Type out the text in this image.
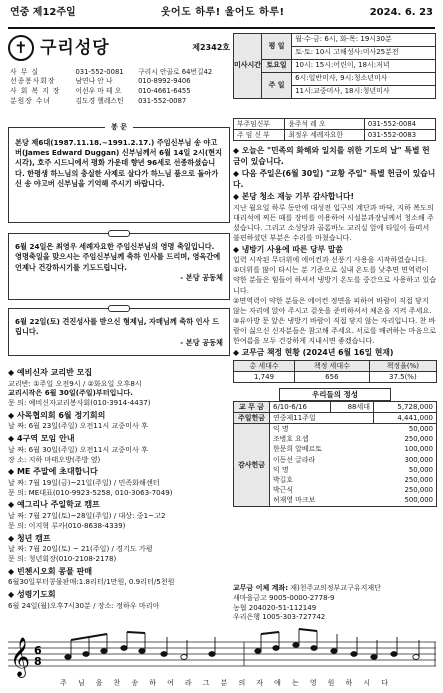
연중 제12주일	웃어도 하루! 울어도 하루!	2024. 6. 23
✝ 구리성당	제2342호
사 무 실	031-552-0081	구리시 안골로 64번길42
선종봉사회장	남연나 안 나	010-8992-9406
사 회 복 지 장	이선우 마 테 오	010-4661-6455
분원장 수녀	김도경 헬레스틴	031-552-0087
미사시간	평 일	월·수·금: 6시, 화·목: 19시30분
		토·토: 10시 고해성사:미사25분전
	토요일	10시: 15시:어린이, 18시:저녁
	주 일	6시:일반미사, 9시:청소년미사
		11시:교중미사, 18시:청년미사
부주임신부	윤주석 레 오	031-552-0084
주 임 신 부	최정우 세례자요한	031-552-0083
봉 문

본당 제6대(1987.11.18.~1991.2.17.) 주임신부님 송 야고버(James Edward Duggan) 신부님께서 6월 14일 2시(현지 시각), 호주 시드니에서 평화 가운데 향년 96세로 선종하셨습니다. 한평생 하느님의 충실한 사제로 살다가 하느님 품으로 돌아가신 송 야고버 신부님을 기억해 주시기 바랍니다.

6월 24일은 최영우 세례자요한 주임신부님의 영명 축일입니다. 영명축일을 맞으시는 주임신부님께 축하 인사를 드리며, 영육간에 언제나 건강하시기를 기도드립니다.

- 본당 공동체

6월 22일(토) 견진성사를 받으신 형제님, 자매님께 축하 인사 드립니다.

- 본당 공동체
◆ 예비신자 교리반 모집
교리반: ①주일 오전9시 / ②화요일 오후8시
교리시작은 6월 30일(주일)부터입니다.
문 의: 예비신자교리봉사회(010-3914-4437)
◆ 사목협의회 6월 정기회의
날 짜: 6월 23일(주일) 오전11시 교중미사 후
◆ 4구역 모임 안내
날 짜: 6월 30일(주일) 오전11시 교중미사 후
장 소: 지하 마태오방(주방 옆)
◆ ME 주말에 초대합니다
날 짜: 7월 19일(금)~21일(주일) / 민족화해센터
문 의: ME대표(010-9923-5258, 010-3063-7049)
◆ 예그리나 주일학교 캠프
날 짜: 7월 27일(토)~28일(주일) / 대상: 중1~고2
문 의: 이지혁 루카(010-8638-4339)
◆ 청년 캠프
날 짜: 7월 20일(토) ~ 21(주일) / 경기도 가평
문 의: 청년회장(010-2108-2178)
◆ 빈첸시오회 콩물 판매
6월30일부터콩물판매:1.8리터/1만원, 0.9리터/5천원
◆ 성령기도회
6월 24일(월)오후7시30분 / 장소: 정하우 마리아
◆ 오늘은 "민족의 화해와 일치를 위한 기도의 날" 특별 헌금이 있습니다.
◆ 다음 주일은(6월 30일) "교황 주일" 특별 헌금이 있습니다.
◆ 본당 청소 재능 기부 감사합니다!

지난 월요일 하루 동안에 대성전 입구의 계단과 바닥, 지하 복도의 대리석에 찌든 때를 장비를 이용하여 시설분과장님께서 청소해 주셨습니다. 그리고 소성당과 골롬바노 교리실 앞에 타일이 들떠서 불편하셨던 부분은 수리를 마쳤습니다.

◆ 냉방기 사용에 따른 당부 말씀

입력 시작된 무더위에 에어컨과 선풍기 사용을 시작하였습니다.
①더위를 많이 타시는 분 기준으로 실내 온도를 낮추면 면역력이 약한 분들은 힘들어 하셔서 냉방기 온도를 중간으로 사용하고 있습니다.
②면역력이 약한 분들은 에어컨 정면을 피하여 바람이 직접 닿지 않는 자리에 앉아 주시고 겉옷을 준비하셔서 체온을 지켜 주세요.
③유아방 문 앞은 냉방기 바람이 직접 닿지 않는 자리입니다. 찬 바람이 싫으신 신자분들은 참고해 주세요. 서로를 배려하는 마음으로 한여름을 모두 건강하게 지내시면 좋겠습니다.

◆ 교무금 책정 현황 (2024년 6월 16일 현재)
총 세대수	책정 세대수	책정율(%)
1,749	656	37.5(%)
우리들의 정성
교 무 금	6/10-6/16	88세대	5,728,000
주일헌금	연중제11주일	4,441,000
감사헌금	
익 명	50,000
조병호 요셉	250,000
한문희 알베르토	100,000
이동선 글라라	300,000
익 명	50,000
박길호	250,000
박근식	250,000
허재영 마크보	500,000
교무금 이체 계좌: 재)천주교의정부교구유지재단
새마을금고 9005-0000-2778-9
농협 204020-51-112149
우리은행 1005-303-727742
𝄞 6
8
주 님 을 찬 송 하 여 라 그 분 의 자 애 는 영 원 하 시 다
